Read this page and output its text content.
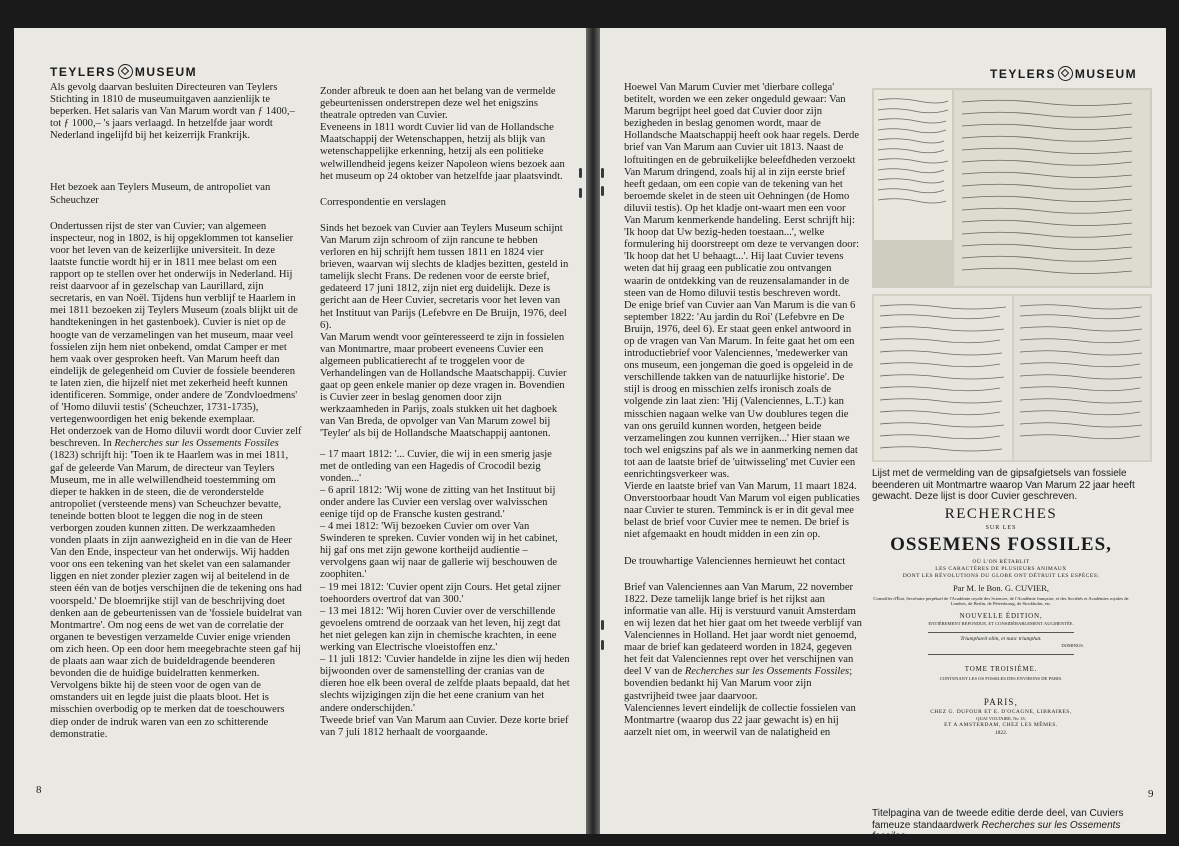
TEYLERS MUSEUM

Als gevolg daarvan besluiten Directeuren van Teylers Stichting in 1810 de museumuitgaven aanzienlijk te beperken. Het salaris van Van Marum wordt van ƒ 1400,– tot ƒ 1000,– 's jaars verlaagd. In hetzelfde jaar wordt Nederland ingelijfd bij het keizerrijk Frankrijk.

Het bezoek aan Teylers Museum, de antropoliet van Scheuchzer

Ondertussen rijst de ster van Cuvier; van algemeen inspecteur, nog in 1802, is hij opgeklommen tot kanselier voor het leven van de keizerlijke universiteit. In deze laatste functie wordt hij er in 1811 mee belast om een rapport op te stellen over het onderwijs in Nederland. Hij reist daarvoor af in gezelschap van Laurillard, zijn secretaris, en van Noël. Tijdens hun verblijf te Haarlem in mei 1811 bezoeken zij Teylers Museum (zoals blijkt uit de handtekeningen in het gastenboek). Cuvier is niet op de hoogte van de verzamelingen van het museum, maar veel fossielen zijn hem niet onbekend, omdat Camper er met hem vaak over gesproken heeft. Van Marum heeft dan eindelijk de gelegenheid om Cuvier de fossiele beenderen te laten zien, die hijzelf niet met zekerheid heeft kunnen identificeren. Sommige, onder andere de 'Zondvloedmens' of 'Homo diluvii testis' (Scheuchzer, 1731-1735), vertegenwoordigen het enig bekende exemplaar.

Het onderzoek van de Homo diluvii wordt door Cuvier zelf beschreven. In Recherches sur les Ossements Fossiles (1823) schrijft hij: 'Toen ik te Haarlem was in mei 1811, gaf de geleerde Van Marum, de directeur van Teylers Museum, me in alle welwillendheid toestemming om dieper te hakken in de steen, die de veronderstelde antropoliet (versteende mens) van Scheuchzer bevatte, teneinde botten bloot te leggen die nog in de steen verborgen zouden kunnen zitten. De werkzaamheden vonden plaats in zijn aanwezigheid en in die van de Heer Van den Ende, inspecteur van het onderwijs. Wij hadden voor ons een tekening van het skelet van een salamander liggen en niet zonder plezier zagen wij al beitelend in de steen één van de botjes verschijnen die de tekening ons had voorspeld.' De bloemrijke stijl van de beschrijving doet denken aan de gebeurtenissen van de 'fossiele buidelrat van Montmartre'. Om nog eens de wet van de correlatie der organen te bevestigen verzamelde Cuvier enige vrienden om zich heen. Op een door hem meegebrachte steen gaf hij de plaats aan waar zich de buideldragende beenderen bevonden die de huidige buidelratten kenmerken. Vervolgens bikte hij de steen voor de ogen van de omstanders uit en legde juist die plaats bloot. Het is misschien overbodig op te merken dat de toeschouwers diep onder de indruk waren van een zo schitterende demonstratie.

Zonder afbreuk te doen aan het belang van de vermelde gebeurtenissen onderstrepen deze wel het enigszins theatrale optreden van Cuvier.

Eveneens in 1811 wordt Cuvier lid van de Hollandsche Maatschappij der Wetenschappen, hetzij als blijk van wetenschappelijke erkenning, hetzij als een politieke welwillendheid jegens keizer Napoleon wiens bezoek aan het museum op 24 oktober van hetzelfde jaar plaatsvindt.

Correspondentie en verslagen

Sinds het bezoek van Cuvier aan Teylers Museum schijnt Van Marum zijn schroom of zijn rancune te hebben verloren en hij schrijft hem tussen 1811 en 1824 vier brieven, waarvan wij slechts de kladjes bezitten, gesteld in tamelijk slecht Frans. De redenen voor de eerste brief, gedateerd 17 juni 1812, zijn niet erg duidelijk. Deze is gericht aan de Heer Cuvier, secretaris voor het leven van het Instituut van Parijs (Lefebvre en De Bruijn, 1976, deel 6).

Van Marum wendt voor geïnteresseerd te zijn in fossielen van Montmartre, maar probeert eveneens Cuvier een algemeen publicatierecht af te troggelen voor de Verhandelingen van de Hollandsche Maatschappij. Cuvier gaat op geen enkele manier op deze vragen in. Bovendien is Cuvier zeer in beslag genomen door zijn werkzaamheden in Parijs, zoals stukken uit het dagboek van Van Breda, de opvolger van Van Marum zowel bij 'Teyler' als bij de Hollandsche Maatschappij aantonen.

– 17 maart 1812: '... Cuvier, die wij in een smerig jasje met de ontleding van een Hagedis of Crocodil bezig vonden...'

– 6 april 1812: 'Wij wone de zitting van het Instituut bij onder andere las Cuvier een verslag over walvisschen eenige tijd op de Fransche kusten gestrand.'

– 4 mei 1812: 'Wij bezoeken Cuvier om over Van Swinderen te spreken. Cuvier vonden wij in het cabinet, hij gaf ons met zijn gewone kortheijd audientie – vervolgens gaan wij naar de gallerie wij beschouwen de zoophiten.'

– 19 mei 1812: 'Cuvier opent zijn Cours. Het getal zijner toehoorders overtrof dat van 300.'

– 13 mei 1812: 'Wij horen Cuvier over de verschillende gevoelens omtrend de oorzaak van het leven, hij zegt dat het niet gelegen kan zijn in chemische krachten, in eene werking van Electrische vloeistoffen enz.'

– 11 juli 1812: 'Cuvier handelde in zijne les dien wij heden bijwoonden over de samenstelling der cranias van de dieren hoe elk been overal de zelfde plaats bepaald, dat het slechts wijzigingen zijn die het eene cranium van het andere onderschijden.'

Tweede brief van Van Marum aan Cuvier. Deze korte brief van 7 juli 1812 herhaalt de voorgaande.

8
TEYLERS MUSEUM

Hoewel Van Marum Cuvier met 'dierbare collega' betitelt, worden we een zeker ongeduld gewaar: Van Marum begrijpt heel goed dat Cuvier door zijn bezigheden in beslag genomen wordt, maar de Hollandsche Maatschappij heeft ook haar regels. Derde brief van Van Marum aan Cuvier uit 1813. Naast de loftuitingen en de gebruikelijke beleefdheden verzoekt Van Marum dringend, zoals hij al in zijn eerste brief heeft gedaan, om een copie van de tekening van het beroemde skelet in de steen uit Oehningen (de Homo diluvii testis). Op het kladje ont-waart men een voor Van Marum kenmerkende handeling. Eerst schrijft hij: 'Ik hoop dat Uw bezig-heden toestaan...', welke formulering hij doorstreept om deze te vervangen door: 'Ik hoop dat het U behaagt...'. Hij laat Cuvier tevens weten dat hij graag een publicatie zou ontvangen waarin de ontdekking van de reuzensalamander in de steen van de Homo diluvii testis beschreven wordt.

De enige brief van Cuvier aan Van Marum is die van 6 september 1822: 'Au jardin du Roi' (Lefebvre en De Bruijn, 1976, deel 6). Er staat geen enkel antwoord in op de vragen van Van Marum. In feite gaat het om een introductiebrief voor Valenciennes, 'medewerker van ons museum, een jongeman die goed is opgeleid in de verschillende takken van de natuurlijke historie'. De stijl is droog en misschien zelfs ironisch zoals de volgende zin laat zien: 'Hij (Valenciennes, L.T.) kan misschien nagaan welke van Uw doublures tegen die van ons geruild kunnen worden, hetgeen beide verzamelingen zou kunnen verrijken...' Hier staan we toch wel enigszins paf als we in aanmerking nemen dat tot aan de laatste brief de 'uitwisseling' met Cuvier een eenrichtingsverkeer was.

Vierde en laatste brief van Van Marum, 11 maart 1824. Onverstoorbaar houdt Van Marum vol eigen publicaties naar Cuvier te sturen. Temminck is er in dit geval mee belast de brief voor Cuvier mee te nemen. De brief is niet afgemaakt en houdt midden in een zin op.

De trouwhartige Valenciennes hernieuwt het contact

Brief van Valenciennes aan Van Marum, 22 november 1822. Deze tamelijk lange brief is het rijkst aan informatie van alle. Hij is verstuurd vanuit Amsterdam en wij lezen dat het hier gaat om het tweede verblijf van Valenciennes in Holland. Het jaar wordt niet genoemd, maar de brief kan gedateerd worden in 1824, gegeven het feit dat Valenciennes rept over het verschijnen van deel V van de Recherches sur les Ossements Fossiles; bovendien bedankt hij Van Marum voor zijn gastvrijheid twee jaar daarvoor.

Valenciennes levert eindelijk de collectie fossielen van Montmartre (waarop dus 22 jaar gewacht is) en hij aarzelt niet om, in weerwil van de nalatigheid en

Lijst met de vermelding van de gipsafgietsels van fossiele beenderen uit Montmartre waarop Van Marum 22 jaar heeft gewacht. Deze lijst is door Cuvier geschreven.
RECHERCHES
SUR LES
OSSEMENS FOSSILES,
OÙ L'ON RÉTABLIT
LES CARACTÈRES DE PLUSIEURS ANIMAUX
DONT LES RÉVOLUTIONS DU GLOBE ONT DÉTRUIT LES ESPÈCES;
Par M. le Bon. G. CUVIER,
Conseiller d'État, Secrétaire perpétuel de l'Académie royale des Sciences, de l'Académie française, et des Sociétés et Académies royales de Londres, de Berlin, de Pétersbourg, de Stockholm, etc.
NOUVELLE ÉDITION,
ENTIÈREMENT REFONDUE, ET CONSIDÉRABLEMENT AUGMENTÉE.
Triumphavit olim, et nunc triumphat.
DOMINUS.
TOME TROISIÈME.
CONTENANT LES OS FOSSILES DES ENVIRONS DE PARIS.
PARIS,
CHEZ G. DUFOUR ET E. D'OCAGNE, LIBRAIRES,
QUAI VOLTAIRE, No 13;
ET A AMSTERDAM, CHEZ LES MÊMES.
1822.
Titelpagina van de tweede editie derde deel, van Cuviers fameuze standaardwerk Recherches sur les Ossements fossiles.
9
